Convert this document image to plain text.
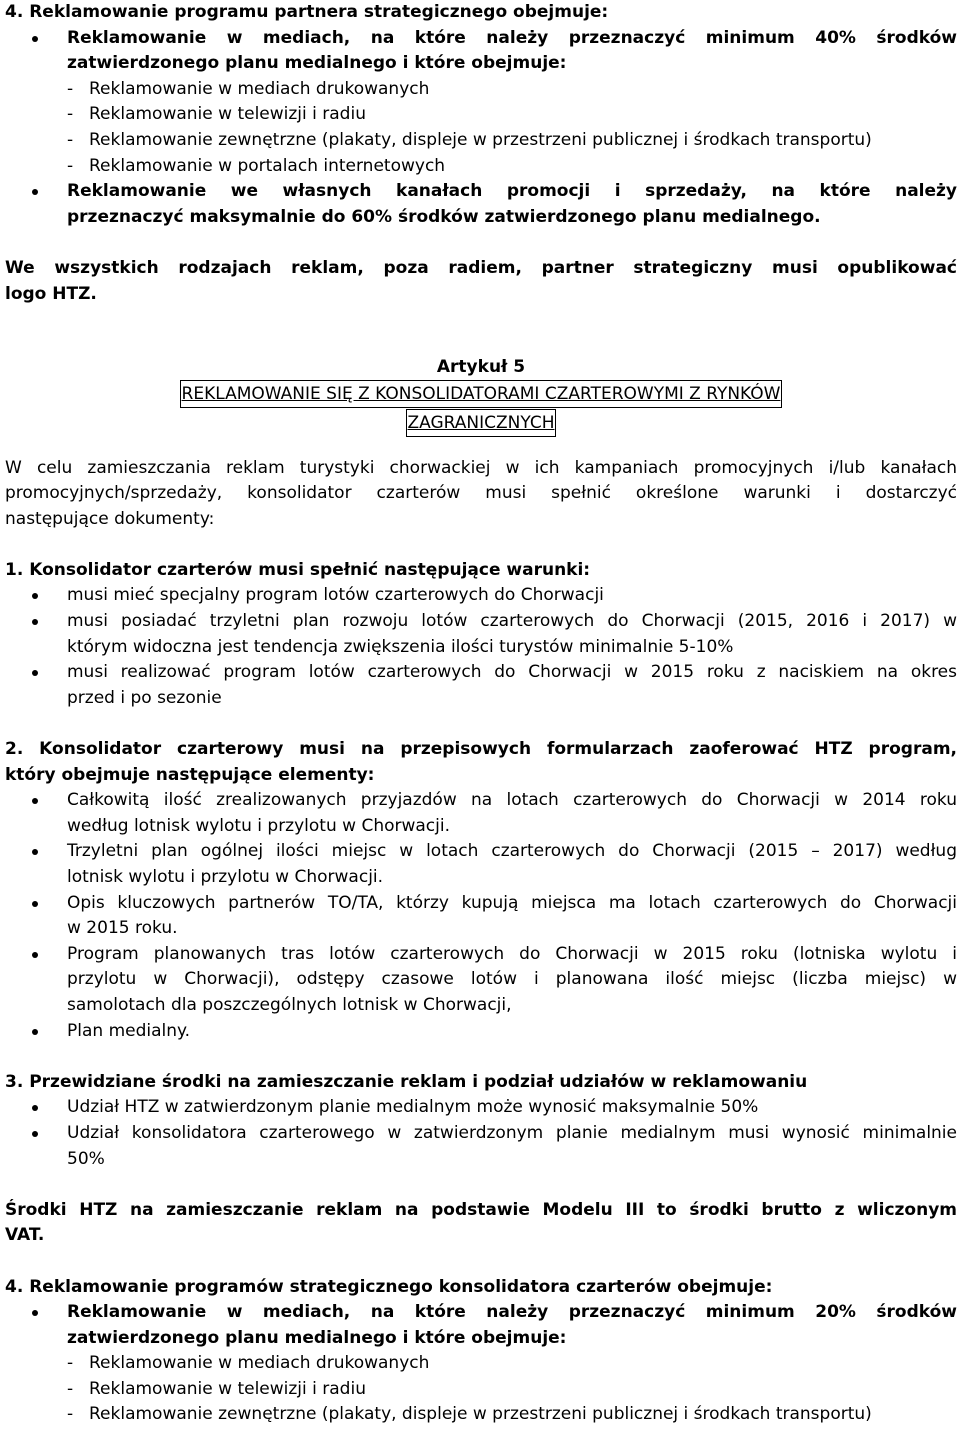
4. Reklamowanie programu partnera strategicznego obejmuje:
Reklamowanie w mediach, na które należy przeznaczyć minimum 40% środków
zatwierdzonego planu medialnego i które obejmuje:
- Reklamowanie w mediach drukowanych
- Reklamowanie w telewizji i radiu
- Reklamowanie zewnętrzne (plakaty, displeje w przestrzeni publicznej i środkach transportu)
- Reklamowanie w portalach internetowych
Reklamowanie we własnych kanałach promocji i sprzedaży, na które należy
przeznaczyć maksymalnie do 60% środków zatwierdzonego planu medialnego.
We wszystkich rodzajach reklam, poza radiem, partner strategiczny musi opublikować
logo HTZ.
Artykuł 5
REKLAMOWANIE SIĘ Z KONSOLIDATORAMI CZARTEROWYMI Z RYNKÓW
ZAGRANICZNYCH
W celu zamieszczania reklam turystyki chorwackiej w ich kampaniach promocyjnych i/lub kanałach
promocyjnych/sprzedaży, konsolidator czarterów musi spełnić określone warunki i dostarczyć
następujące dokumenty:
1. Konsolidator czarterów musi spełnić następujące warunki:
musi mieć specjalny program lotów czarterowych do Chorwacji
musi posiadać trzyletni plan rozwoju lotów czarterowych do Chorwacji (2015, 2016 i 2017) w
którym widoczna jest tendencja zwiększenia ilości turystów minimalnie 5-10%
musi realizować program lotów czarterowych do Chorwacji w 2015 roku z naciskiem na okres
przed i po sezonie
2. Konsolidator czarterowy musi na przepisowych formularzach zaoferować HTZ program,
który obejmuje następujące elementy:
Całkowitą ilość zrealizowanych przyjazdów na lotach czarterowych do Chorwacji w 2014 roku
według lotnisk wylotu i przylotu w Chorwacji.
Trzyletni plan ogólnej ilości miejsc w lotach czarterowych do Chorwacji (2015 – 2017) według
lotnisk wylotu i przylotu w Chorwacji.
Opis kluczowych partnerów TO/TA, którzy kupują miejsca ma lotach czarterowych do Chorwacji
w 2015 roku.
Program planowanych tras lotów czarterowych do Chorwacji w 2015 roku (lotniska wylotu i
przylotu w Chorwacji), odstępy czasowe lotów i planowana ilość miejsc (liczba miejsc) w
samolotach dla poszczególnych lotnisk w Chorwacji,
Plan medialny.
3. Przewidziane środki na zamieszczanie reklam i podział udziałów w reklamowaniu
Udział HTZ w zatwierdzonym planie medialnym może wynosić maksymalnie 50%
Udział konsolidatora czarterowego w zatwierdzonym planie medialnym musi wynosić minimalnie
50%
Środki HTZ na zamieszczanie reklam na podstawie Modelu III to środki brutto z wliczonym
VAT.
4. Reklamowanie programów strategicznego konsolidatora czarterów obejmuje:
Reklamowanie w mediach, na które należy przeznaczyć minimum 20% środków
zatwierdzonego planu medialnego i które obejmuje:
- Reklamowanie w mediach drukowanych
- Reklamowanie w telewizji i radiu
- Reklamowanie zewnętrzne (plakaty, displeje w przestrzeni publicznej i środkach transportu)
